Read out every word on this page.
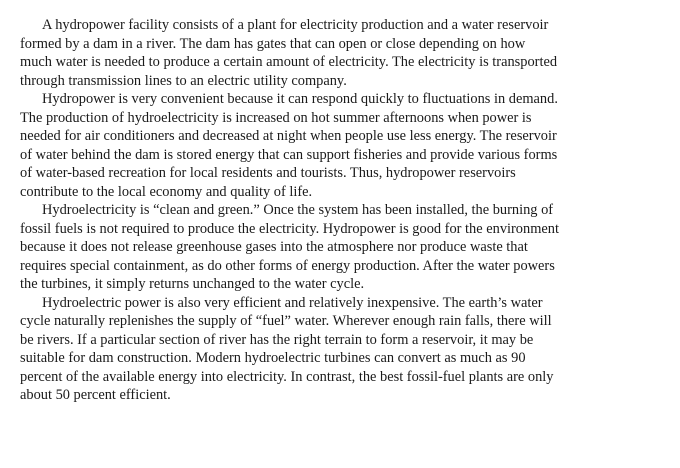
A hydropower facility consists of a plant for electricity production and a water reservoir
formed by a dam in a river. The dam has gates that can open or close depending on how
much water is needed to produce a certain amount of electricity. The electricity is transported
through transmission lines to an electric utility company.
Hydropower is very convenient because it can respond quickly to fluctuations in demand.
The production of hydroelectricity is increased on hot summer afternoons when power is
needed for air conditioners and decreased at night when people use less energy. The reservoir
of water behind the dam is stored energy that can support fisheries and provide various forms
of water-based recreation for local residents and tourists. Thus, hydropower reservoirs
contribute to the local economy and quality of life.
Hydroelectricity is “clean and green.” Once the system has been installed, the burning of
fossil fuels is not required to produce the electricity. Hydropower is good for the environment
because it does not release greenhouse gases into the atmosphere nor produce waste that
requires special containment, as do other forms of energy production. After the water powers
the turbines, it simply returns unchanged to the water cycle.
Hydroelectric power is also very efficient and relatively inexpensive. The earth’s water
cycle naturally replenishes the supply of “fuel” water. Wherever enough rain falls, there will
be rivers. If a particular section of river has the right terrain to form a reservoir, it may be
suitable for dam construction. Modern hydroelectric turbines can convert as much as 90
percent of the available energy into electricity. In contrast, the best fossil-fuel plants are only
about 50 percent efficient.
